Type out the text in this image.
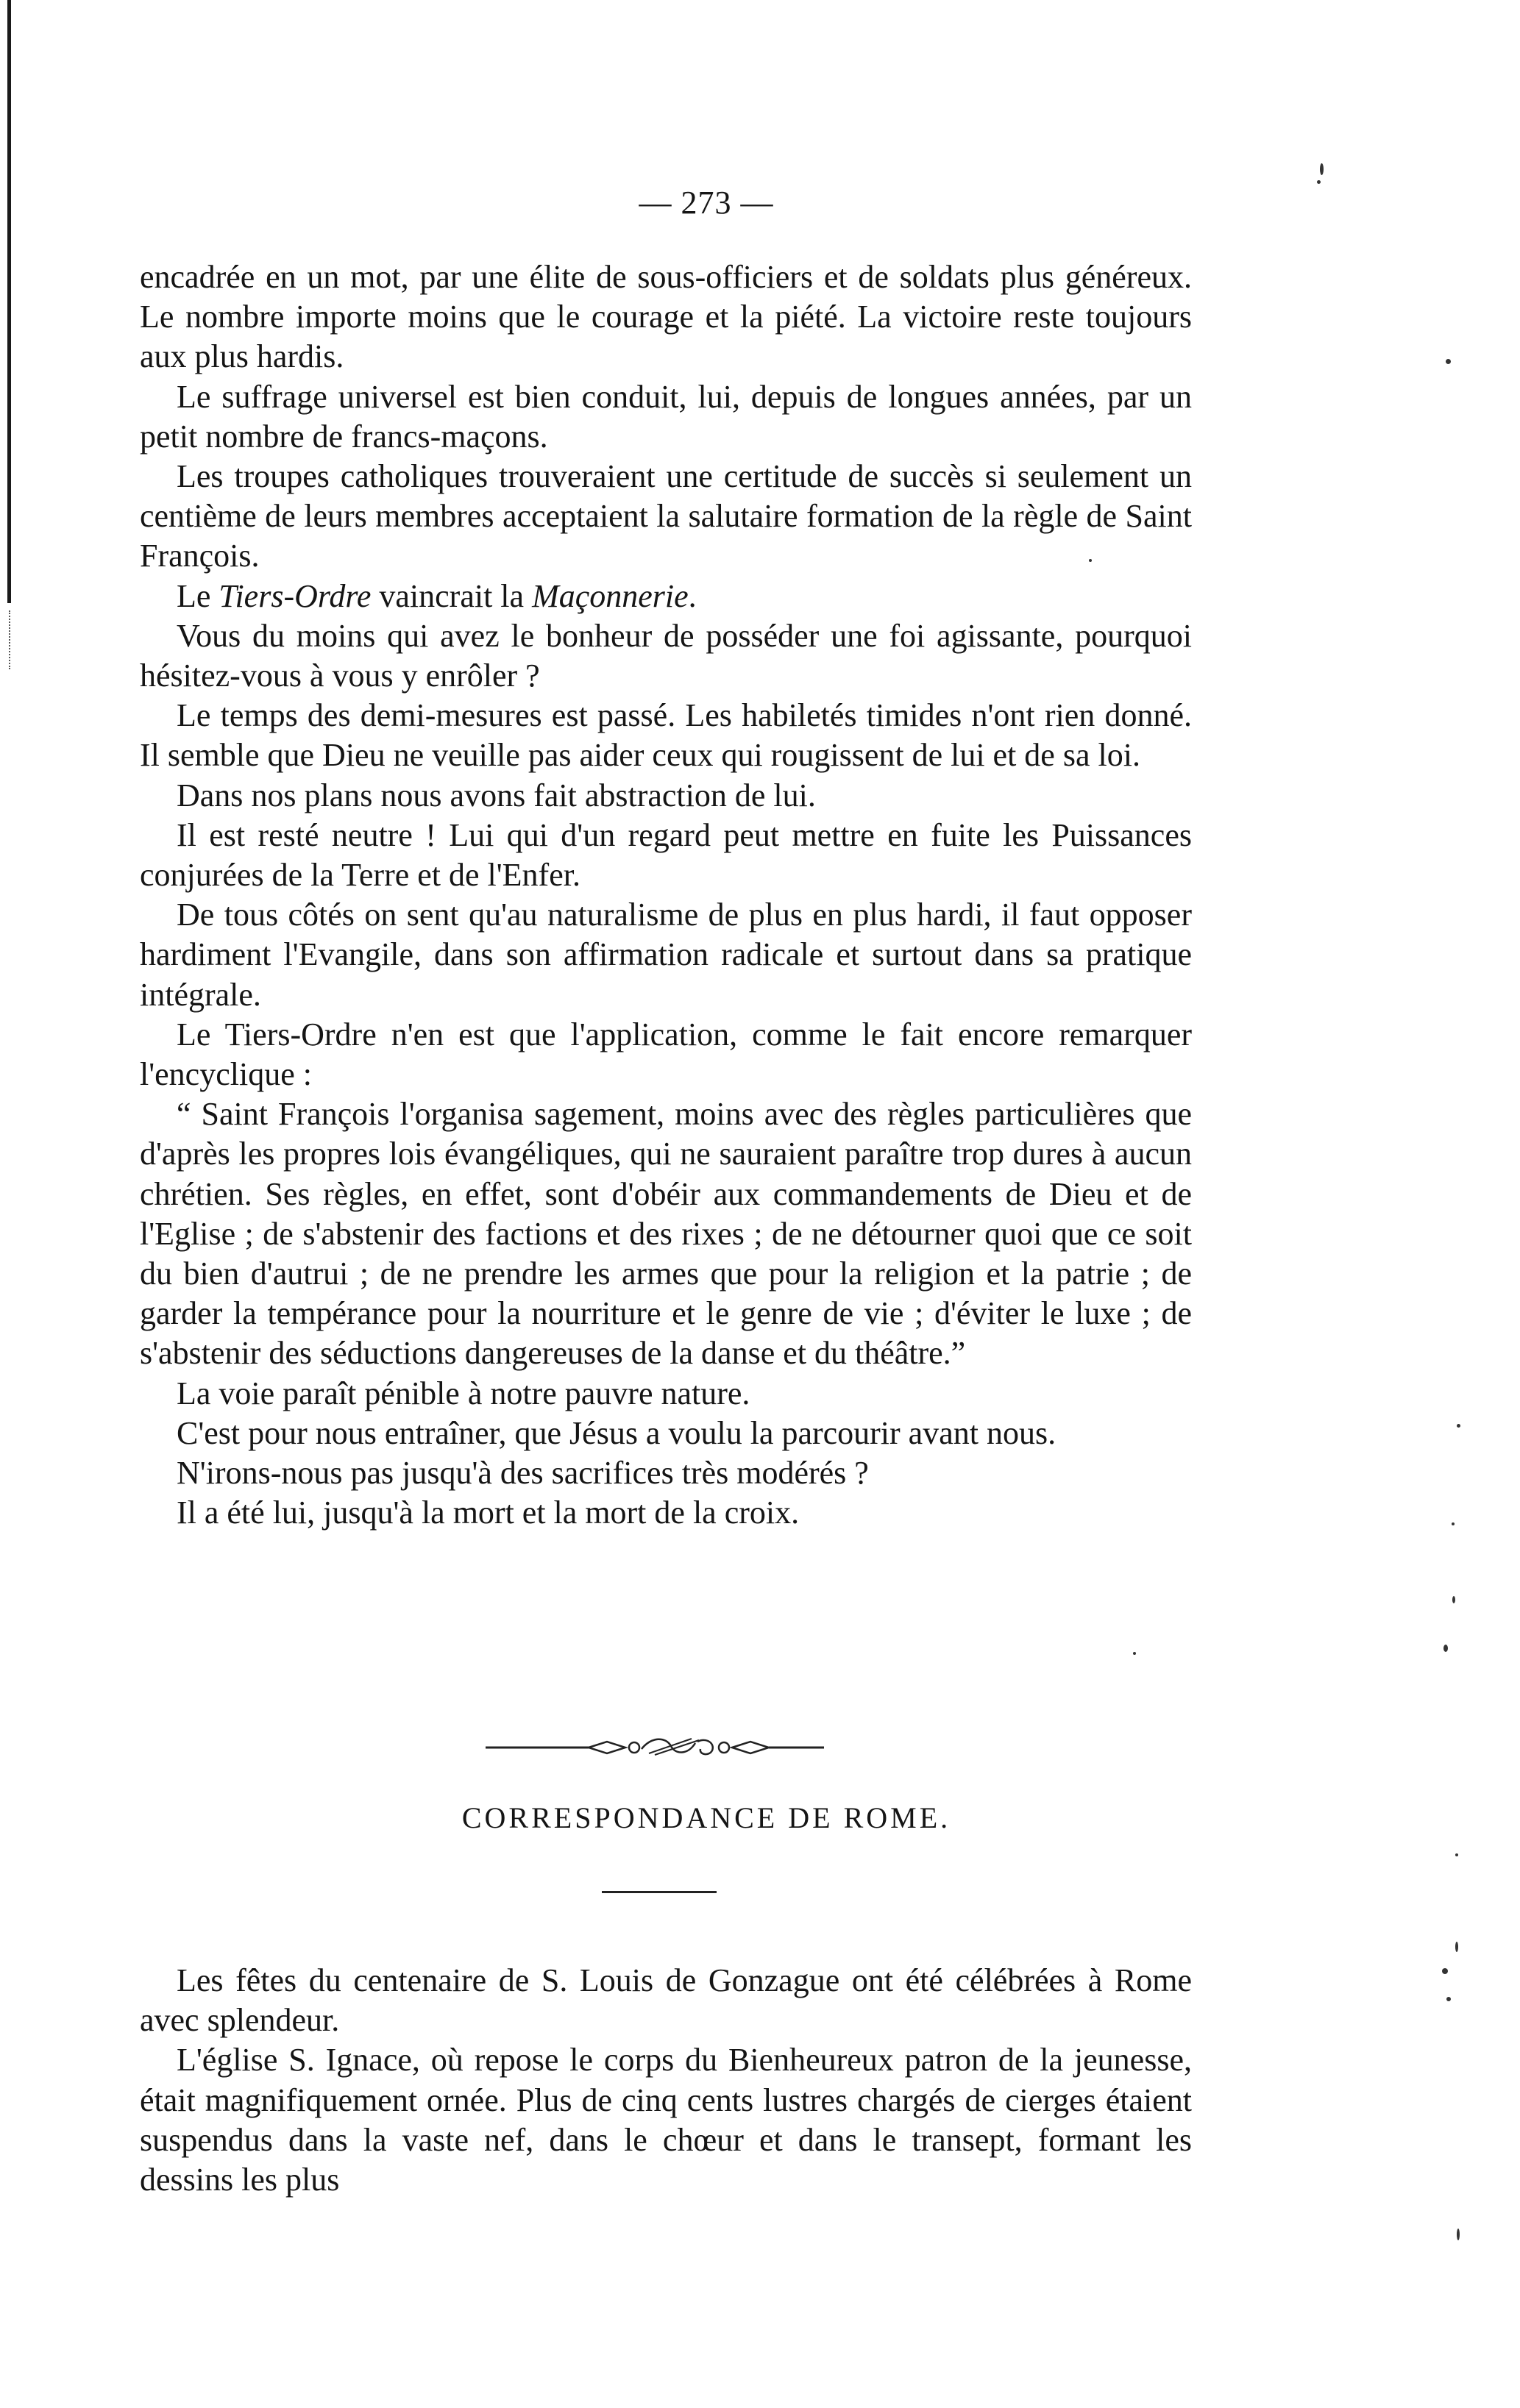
— 273 —

encadrée en un mot, par une élite de sous-officiers et de soldats plus généreux. Le nombre importe moins que le courage et la piété. La victoire reste toujours aux plus hardis.

Le suffrage universel est bien conduit, lui, depuis de longues années, par un petit nombre de francs-maçons.

Les troupes catholiques trouveraient une certitude de succès si seulement un centième de leurs membres acceptaient la salutaire formation de la règle de Saint François.

Le Tiers-Ordre vaincrait la Maçonnerie.

Vous du moins qui avez le bonheur de posséder une foi agissante, pourquoi hésitez-vous à vous y enrôler ?

Le temps des demi-mesures est passé. Les habiletés timides n'ont rien donné. Il semble que Dieu ne veuille pas aider ceux qui rougissent de lui et de sa loi.

Dans nos plans nous avons fait abstraction de lui.

Il est resté neutre ! Lui qui d'un regard peut mettre en fuite les Puissances conjurées de la Terre et de l'Enfer.

De tous côtés on sent qu'au naturalisme de plus en plus hardi, il faut opposer hardiment l'Evangile, dans son affirmation radicale et surtout dans sa pratique intégrale.

Le Tiers-Ordre n'en est que l'application, comme le fait encore remarquer l'encyclique :

“ Saint François l'organisa sagement, moins avec des règles particulières que d'après les propres lois évangéliques, qui ne sauraient paraître trop dures à aucun chrétien. Ses règles, en effet, sont d'obéir aux commandements de Dieu et de l'Eglise ; de s'abstenir des factions et des rixes ; de ne détourner quoi que ce soit du bien d'autrui ; de ne prendre les armes que pour la religion et la patrie ; de garder la tempérance pour la nourriture et le genre de vie ; d'éviter le luxe ; de s'abstenir des séductions dangereuses de la danse et du théâtre.”

La voie paraît pénible à notre pauvre nature.

C'est pour nous entraîner, que Jésus a voulu la parcourir avant nous.

N'irons-nous pas jusqu'à des sacrifices très modérés ?

Il a été lui, jusqu'à la mort et la mort de la croix.

CORRESPONDANCE DE ROME.

Les fêtes du centenaire de S. Louis de Gonzague ont été célébrées à Rome avec splendeur.

L'église S. Ignace, où repose le corps du Bienheureux patron de la jeunesse, était magnifiquement ornée. Plus de cinq cents lustres chargés de cierges étaient suspendus dans la vaste nef, dans le chœur et dans le transept, formant les dessins les plus
